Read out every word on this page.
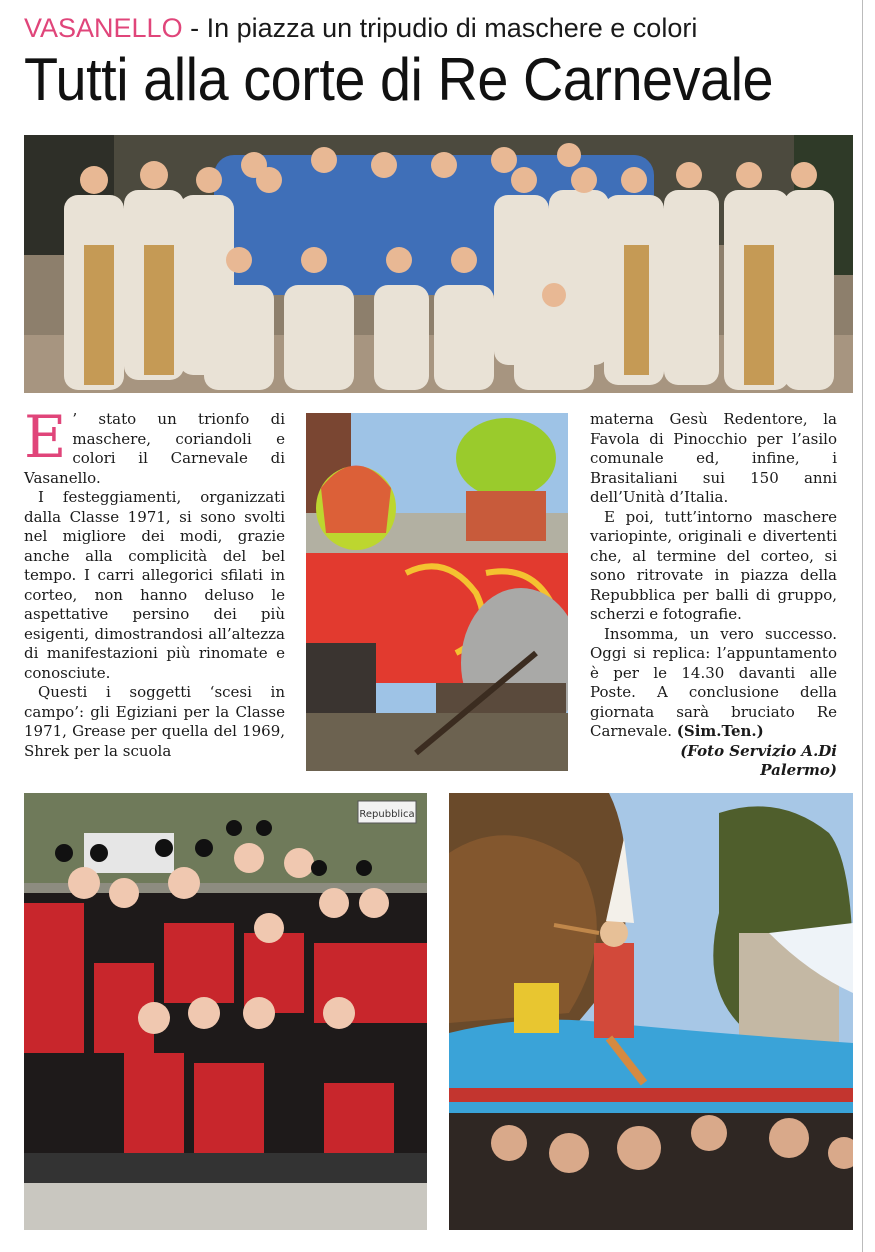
VASANELLO - In piazza un tripudio di maschere e colori
Tutti alla corte di Re Carnevale

E ’ stato un trionfo di maschere, coriandoli e colori il Carnevale di Vasanello.

I festeggiamenti, organizzati dalla Classe 1971, si sono svolti nel migliore dei modi, grazie anche alla complicità del bel tempo. I carri allegorici sfilati in corteo, non hanno deluso le aspettative persino dei più esigenti, dimostrandosi all’altezza di manifestazioni più rinomate e conosciute.

Questi i soggetti ‘scesi in campo’: gli Egiziani per la Classe 1971, Grease per quella del 1969, Shrek per la scuola

materna Gesù Redentore, la Favola di Pinocchio per l’asilo comunale ed, infine, i Brasitaliani sui 150 anni dell’Unità d’Italia.

E poi, tutt’intorno maschere variopinte, originali e divertenti che, al termine del corteo, si sono ritrovate in piazza della Repubblica per balli di gruppo, scherzi e fotografie.

Insomma, un vero successo. Oggi si replica: l’appuntamento è per le 14.30 davanti alle Poste. A conclusione della giornata sarà bruciato Re Carnevale. (Sim.Ten.)

(Foto Servizio A.Di Palermo)

Repubblica
